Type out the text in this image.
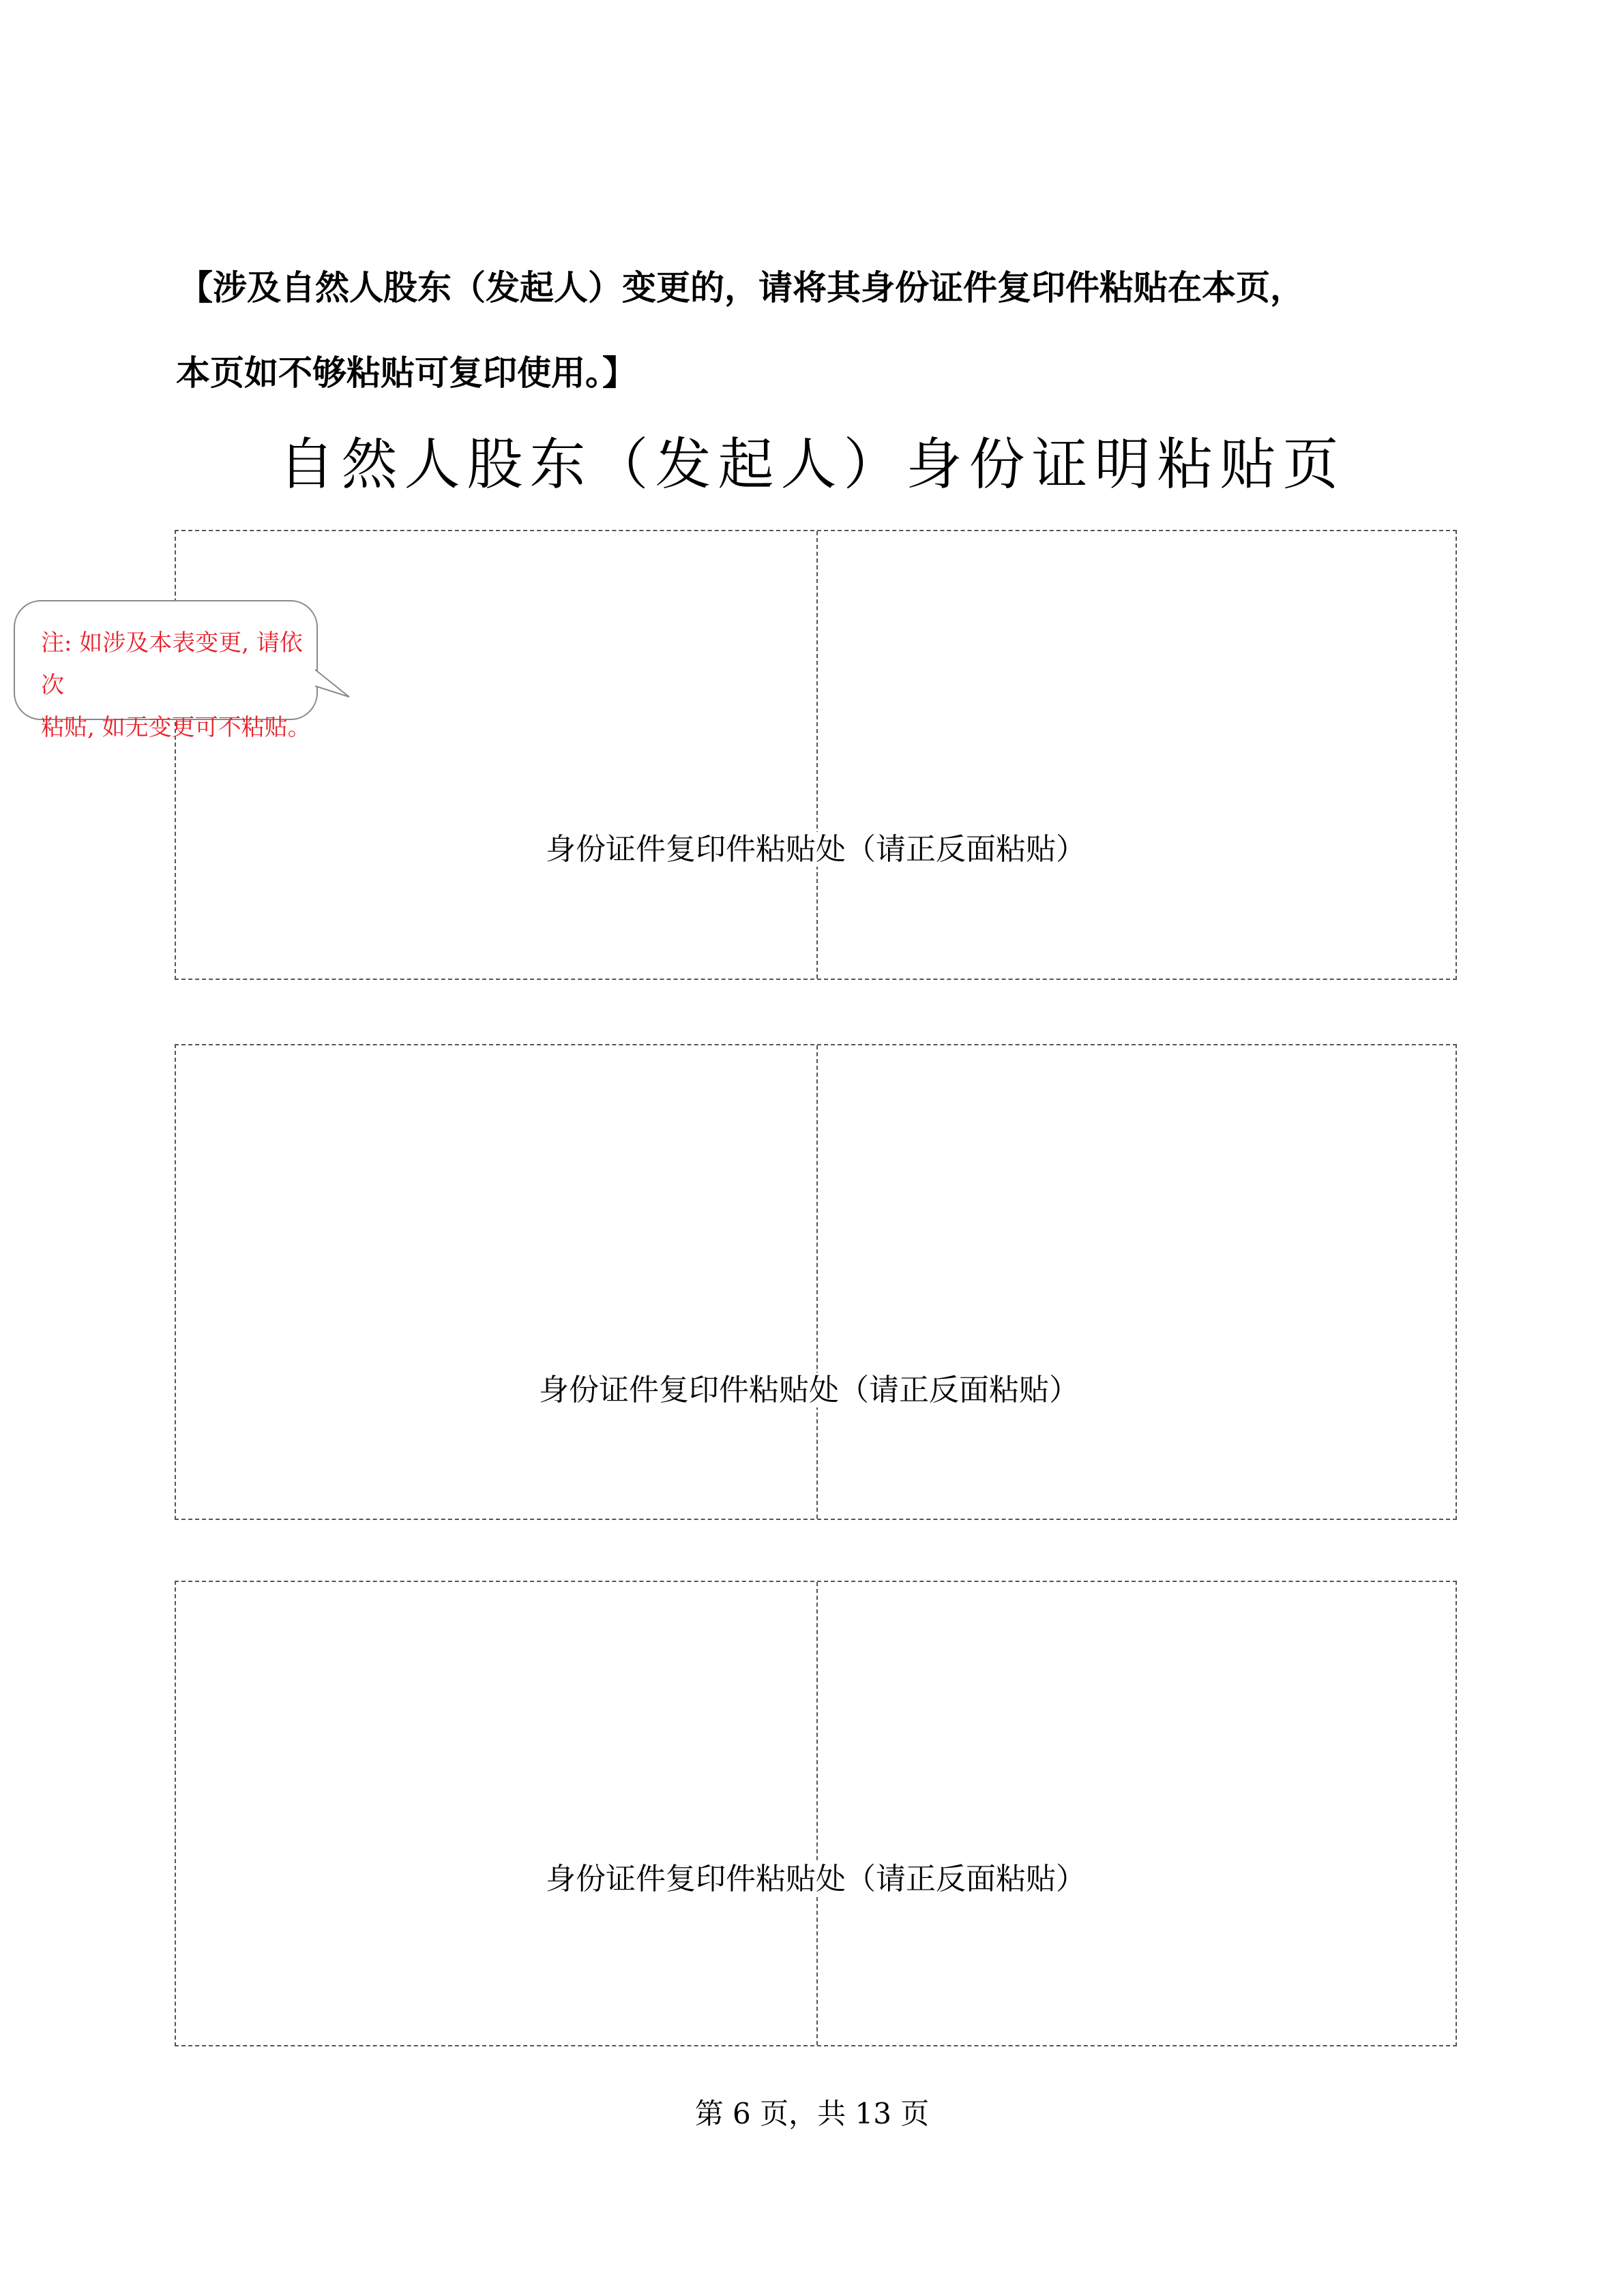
【涉及自然人股东（发起人）变更的，请将其身份证件复印件粘贴在本页，
本页如不够粘贴可复印使用。】
自然人股东（发起人）身份证明粘贴页
注: 如涉及本表变更, 请依次
粘贴, 如无变更可不粘贴。
身份证件复印件粘贴处（请正反面粘贴）
身份证件复印件粘贴处（请正反面粘贴）
身份证件复印件粘贴处（请正反面粘贴）
第 6 页，共 13 页
